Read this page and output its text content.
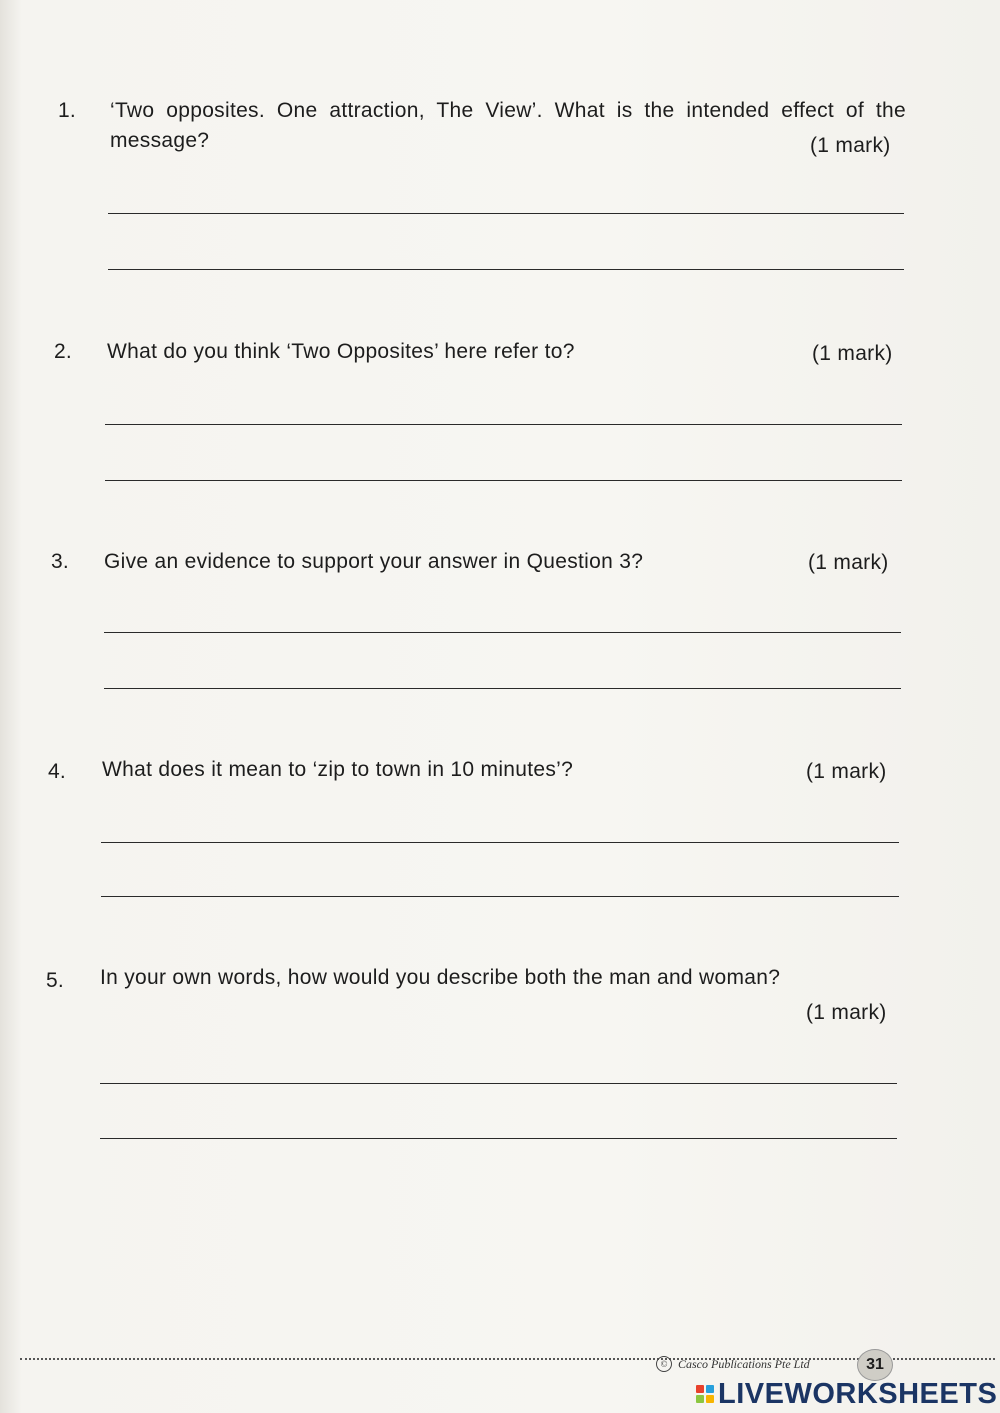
1. ‘Two opposites. One attraction, The View’. What is the intended effect of the message?	(1 mark)
2. What do you think ‘Two Opposites’ here refer to?	(1 mark)
3. Give an evidence to support your answer in Question 3?	(1 mark)
4. What does it mean to ‘zip to town in 10 minutes’?	(1 mark)
5. In your own words, how would you describe both the man and woman?
(1 mark)
© Casco Publications Pte Ltd	31
LIVEWORKSHEETS
